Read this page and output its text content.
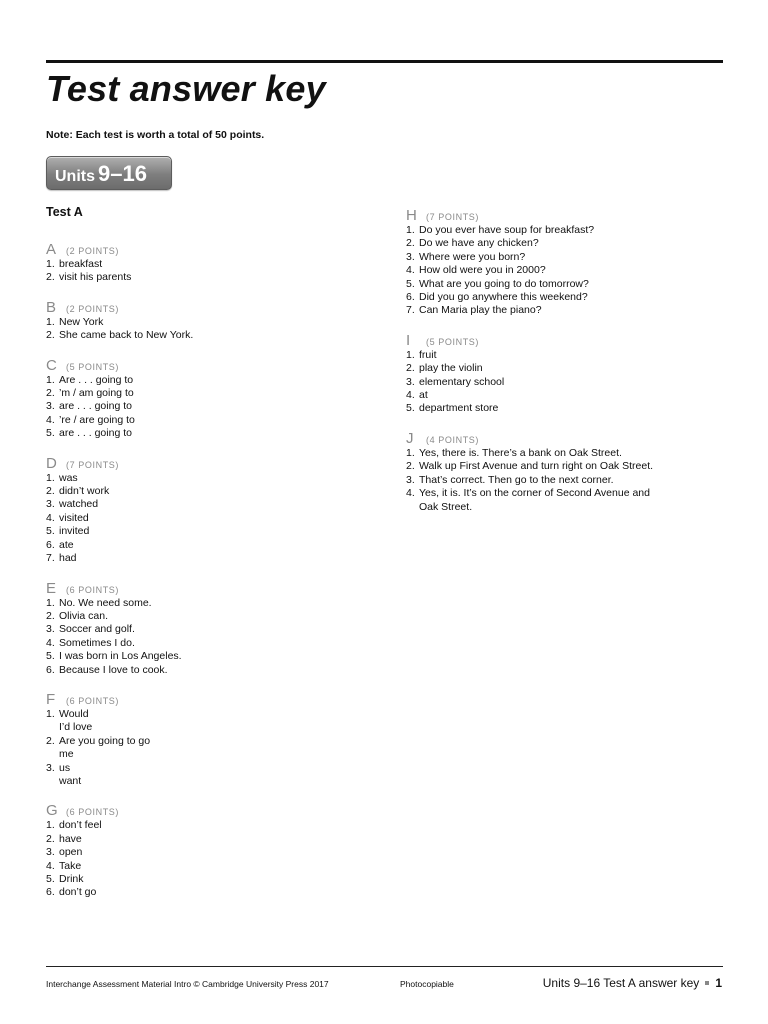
Test answer key
Note: Each test is worth a total of 50 points.
Units 9–16
Test A
A	(2 POINTS)
1. breakfast
2. visit his parents
B	(2 POINTS)
1. New York
2. She came back to New York.
C	(5 POINTS)
1. Are . . . going to
2. ’m / am going to
3. are . . . going to
4. ’re / are going to
5. are . . . going to
D	(7 POINTS)
1. was
2. didn’t work
3. watched
4. visited
5. invited
6. ate
7. had
E	(6 POINTS)
1. No. We need some.
2. Olivia can.
3. Soccer and golf.
4. Sometimes I do.
5. I was born in Los Angeles.
6. Because I love to cook.
F	(6 POINTS)
1. Would
I’d love
2. Are you going to go
me
3. us
want
G (6 POINTS)
1. don’t feel
2. have
3. open
4. Take
5. Drink
6. don’t go
H	(7 POINTS)
1. Do you ever have soup for breakfast?
2. Do we have any chicken?
3. Where were you born?
4. How old were you in 2000?
5. What are you going to do tomorrow?
6. Did you go anywhere this weekend?
7. Can Maria play the piano?
I	(5 POINTS)
1. fruit
2. play the violin
3. elementary school
4. at
5. department store
J	(4 POINTS)
1. Yes, there is. There’s a bank on Oak Street.
2. Walk up First Avenue and turn right on Oak Street.
3. That’s correct. Then go to the next corner.
4. Yes, it is. It’s on the corner of Second Avenue and
Oak Street.
Interchange Assessment Material Intro © Cambridge University Press 2017	Photocopiable	Units 9–16 Test A answer key 1
